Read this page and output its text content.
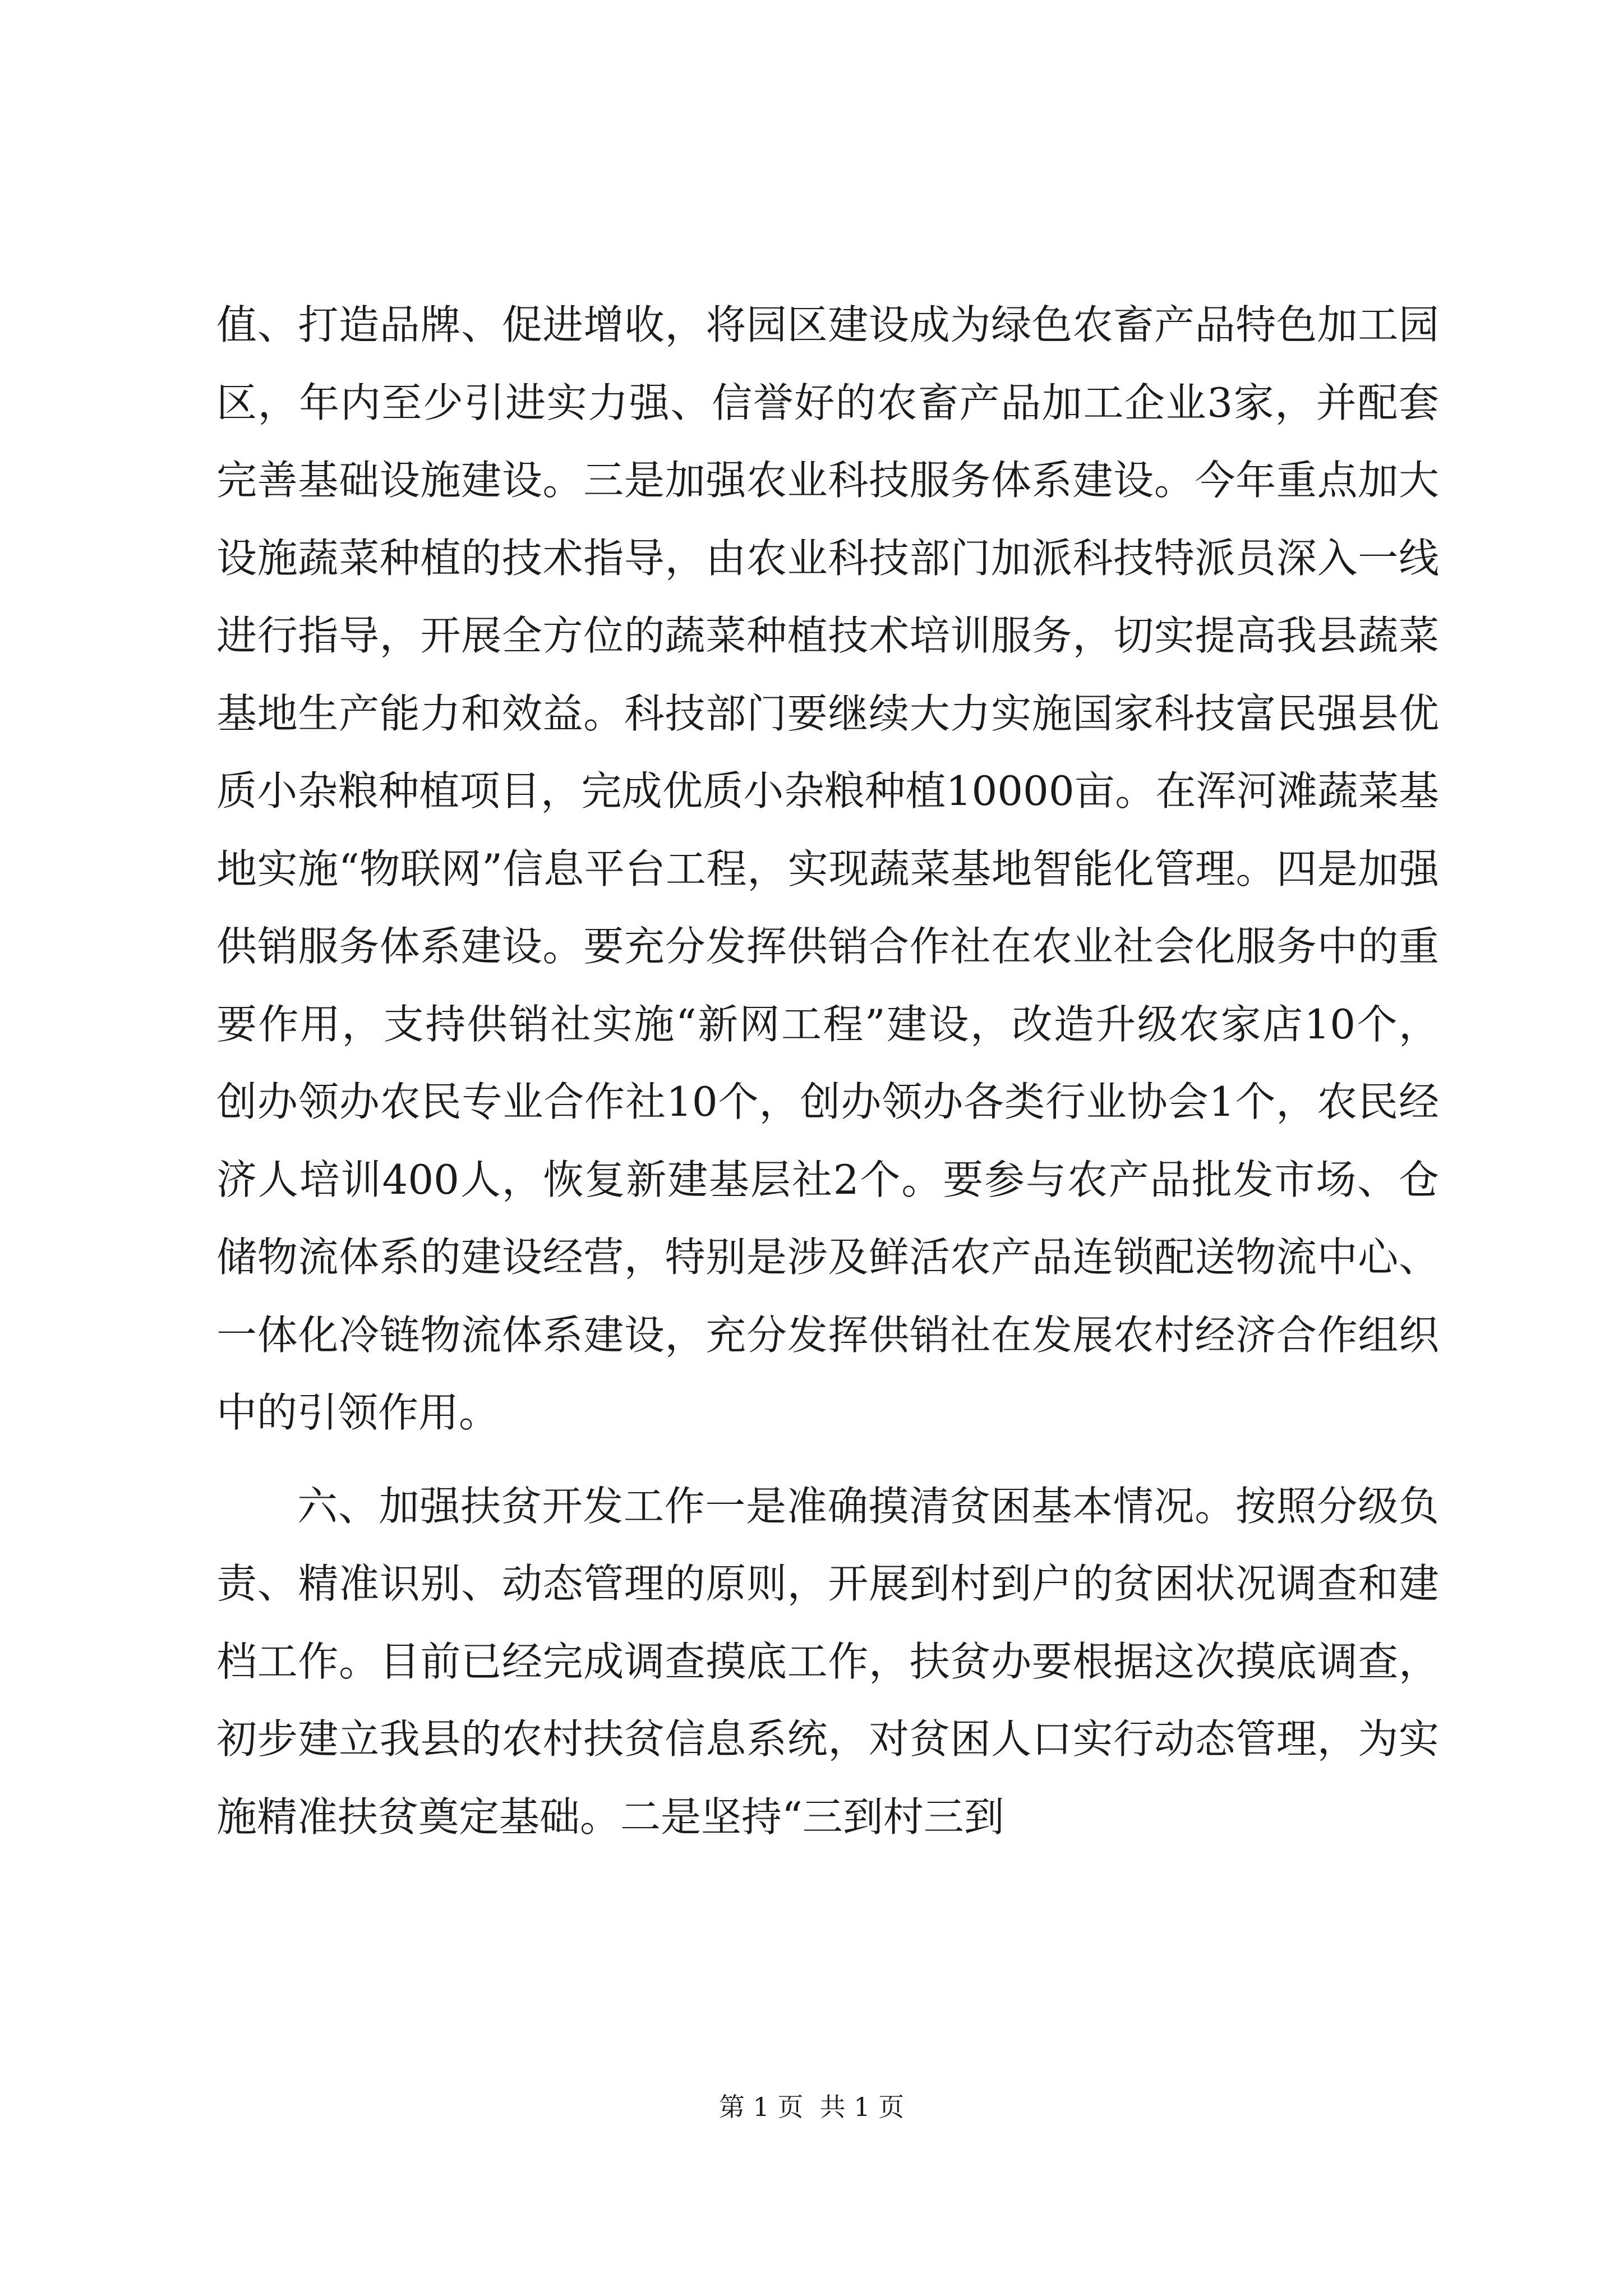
值、打造品牌、促进增收，将园区建设成为绿色农畜产品特色加工园区，年内至少引进实力强、信誉好的农畜产品加工企业3家，并配套完善基础设施建设。三是加强农业科技服务体系建设。今年重点加大设施蔬菜种植的技术指导，由农业科技部门加派科技特派员深入一线进行指导，开展全方位的蔬菜种植技术培训服务，切实提高我县蔬菜基地生产能力和效益。科技部门要继续大力实施国家科技富民强县优质小杂粮种植项目，完成优质小杂粮种植10000亩。在浑河滩蔬菜基地实施“物联网”信息平台工程，实现蔬菜基地智能化管理。四是加强供销服务体系建设。要充分发挥供销合作社在农业社会化服务中的重要作用，支持供销社实施“新网工程”建设，改造升级农家店10个，创办领办农民专业合作社10个，创办领办各类行业协会1个，农民经济人培训400人，恢复新建基层社2个。要参与农产品批发市场、仓储物流体系的建设经营，特别是涉及鲜活农产品连锁配送物流中心、一体化冷链物流体系建设，充分发挥供销社在发展农村经济合作组织中的引领作用。

六、加强扶贫开发工作一是准确摸清贫困基本情况。按照分级负责、精准识别、动态管理的原则，开展到村到户的贫困状况调查和建档工作。目前已经完成调查摸底工作，扶贫办要根据这次摸底调查，初步建立我县的农村扶贫信息系统，对贫困人口实行动态管理，为实施精准扶贫奠定基础。二是坚持“三到村三到

第 1 页  共 1 页
